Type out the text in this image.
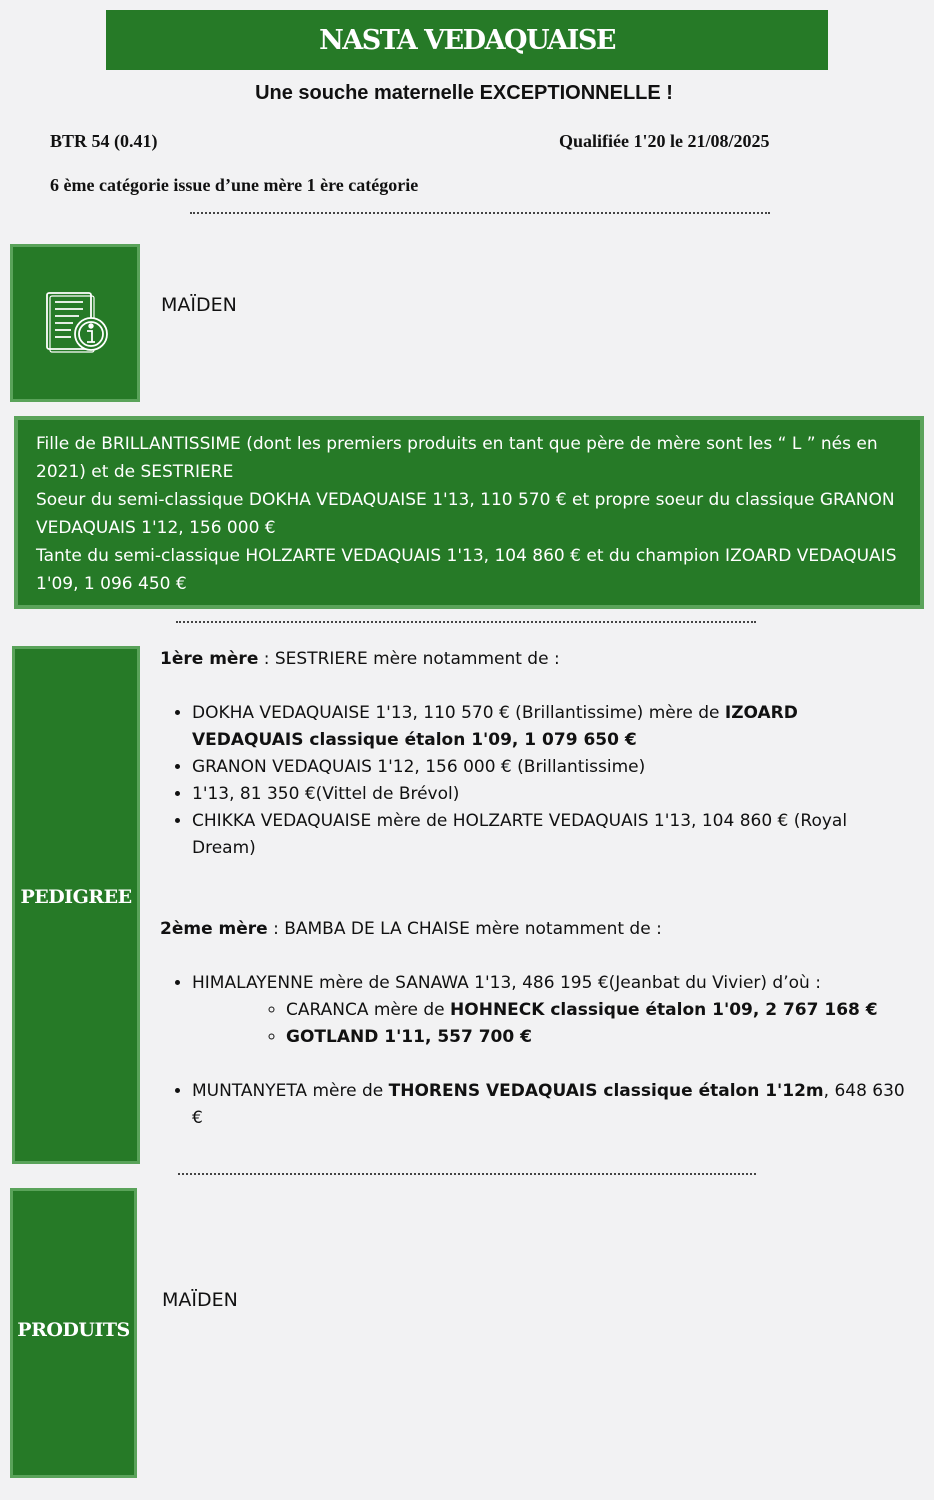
NASTA VEDAQUAISE
Une souche maternelle EXCEPTIONNELLE !
BTR 54 (0.41)	Qualifiée 1'20 le 21/08/2025
6 ème catégorie issue d’une mère 1 ère catégorie
MAÏDEN
Fille de BRILLANTISSIME (dont les premiers produits en tant que père de mère sont les “ L ” nés en 2021) et de SESTRIERE
Soeur du semi-classique DOKHA VEDAQUAISE 1'13, 110 570 € et propre soeur du classique GRANON VEDAQUAIS 1'12, 156 000 €
Tante du semi-classique HOLZARTE VEDAQUAIS 1'13, 104 860 € et du champion IZOARD VEDAQUAIS 1'09, 1 096 450 €
PEDIGREE

1ère mère : SESTRIERE mère notamment de :

• DOKHA VEDAQUAISE 1'13, 110 570 € (Brillantissime) mère de IZOARD VEDAQUAIS classique étalon 1'09, 1 079 650 €
• GRANON VEDAQUAIS 1'12, 156 000 € (Brillantissime)
• 1'13, 81 350 €(Vittel de Brévol)
• CHIKKA VEDAQUAISE mère de HOLZARTE VEDAQUAIS 1'13, 104 860 € (Royal Dream)

2ème mère : BAMBA DE LA CHAISE mère notamment de :

• HIMALAYENNE mère de SANAWA 1'13, 486 195 €(Jeanbat du Vivier) d’où :
◦ CARANCA mère de HOHNECK classique étalon 1'09, 2 767 168 €
◦ GOTLAND 1'11, 557 700 €
• MUNTANYETA mère de THORENS VEDAQUAIS classique étalon 1'12m, 648 630 €
PRODUITS
MAÏDEN
